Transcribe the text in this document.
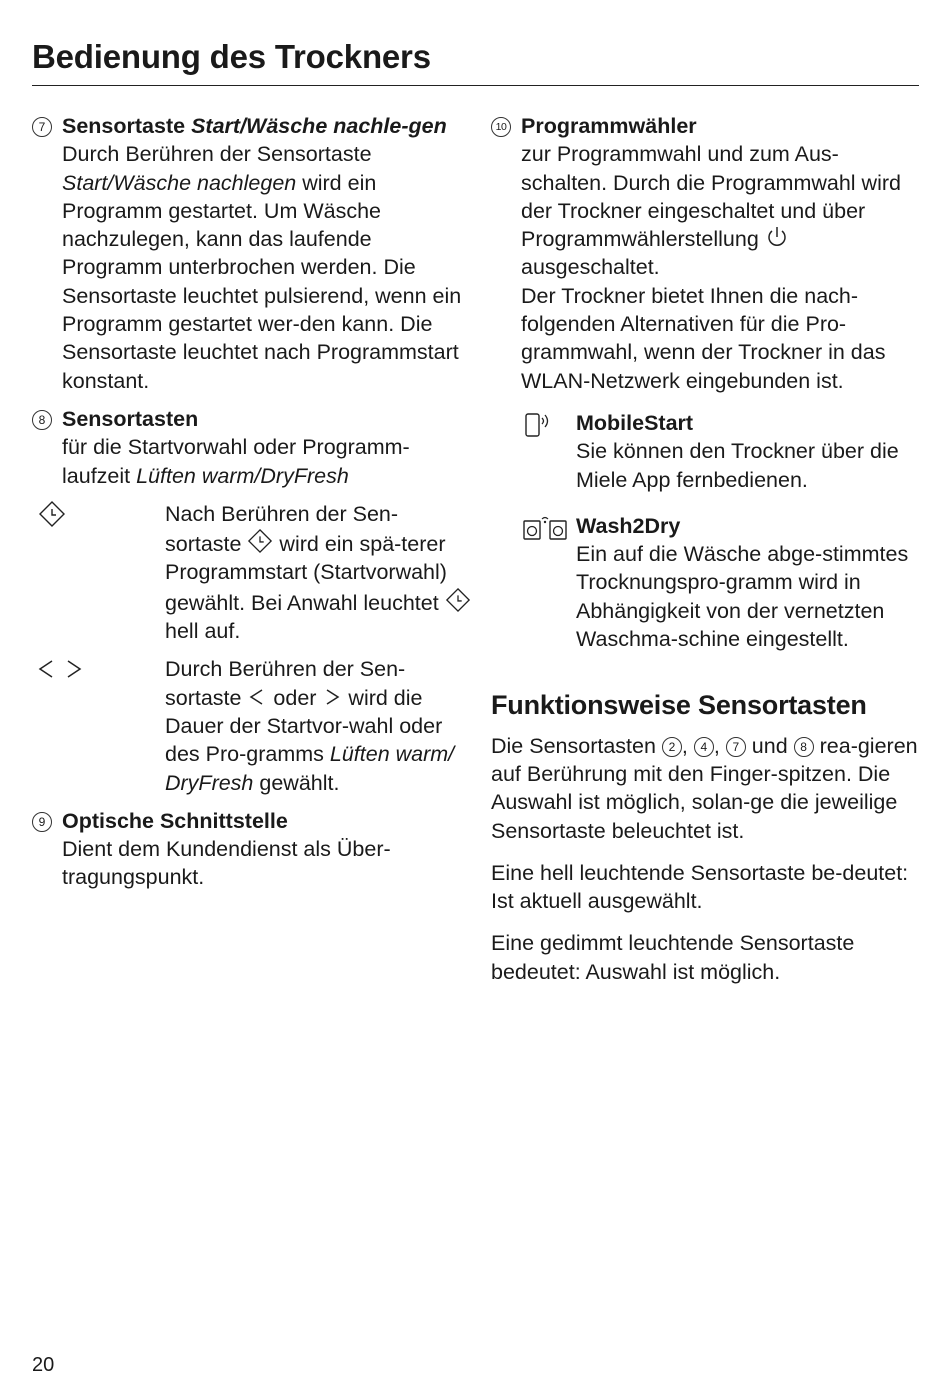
Bedienung des Trockners
7 Sensortaste Start/Wäsche nachle-gen
Durch Berühren der Sensortaste Start/Wäsche nachlegen wird ein Programm gestartet. Um Wäsche nachzulegen, kann das laufende Programm unterbrochen werden. Die Sensortaste leuchtet pulsierend, wenn ein Programm gestartet wer-den kann. Die Sensortaste leuchtet nach Programmstart konstant.
8 Sensortasten
für die Startvorwahl oder Programm-laufzeit Lüften warm/DryFresh
Nach Berühren der Sen-sortaste  wird ein spä-terer Programmstart (Startvorwahl) gewählt. Bei Anwahl leuchtet  hell auf.
Durch Berühren der Sen-sortaste  oder  wird die Dauer der Startvor-wahl oder des Pro-gramms Lüften warm/ DryFresh gewählt.
9 Optische Schnittstelle
Dient dem Kundendienst als Über-tragungspunkt.
10 Programmwähler
zur Programmwahl und zum Aus-schalten. Durch die Programmwahl wird der Trockner eingeschaltet und über Programmwählerstellung  ausgeschaltet.
Der Trockner bietet Ihnen die nach-folgenden Alternativen für die Pro-grammwahl, wenn der Trockner in das WLAN-Netzwerk eingebunden ist.
MobileStart
Sie können den Trockner über die Miele App fernbedienen.
Wash2Dry
Ein auf die Wäsche abge-stimmtes Trocknungspro-gramm wird in Abhängigkeit von der vernetzten Waschma-schine eingestellt.
Funktionsweise Sensortasten

Die Sensortasten 2 , 4 , 7 und 8 rea-gieren auf Berührung mit den Finger-spitzen. Die Auswahl ist möglich, solan-ge die jeweilige Sensortaste beleuchtet ist.

Eine hell leuchtende Sensortaste be-deutet: Ist aktuell ausgewählt.

Eine gedimmt leuchtende Sensortaste bedeutet: Auswahl ist möglich.

20
